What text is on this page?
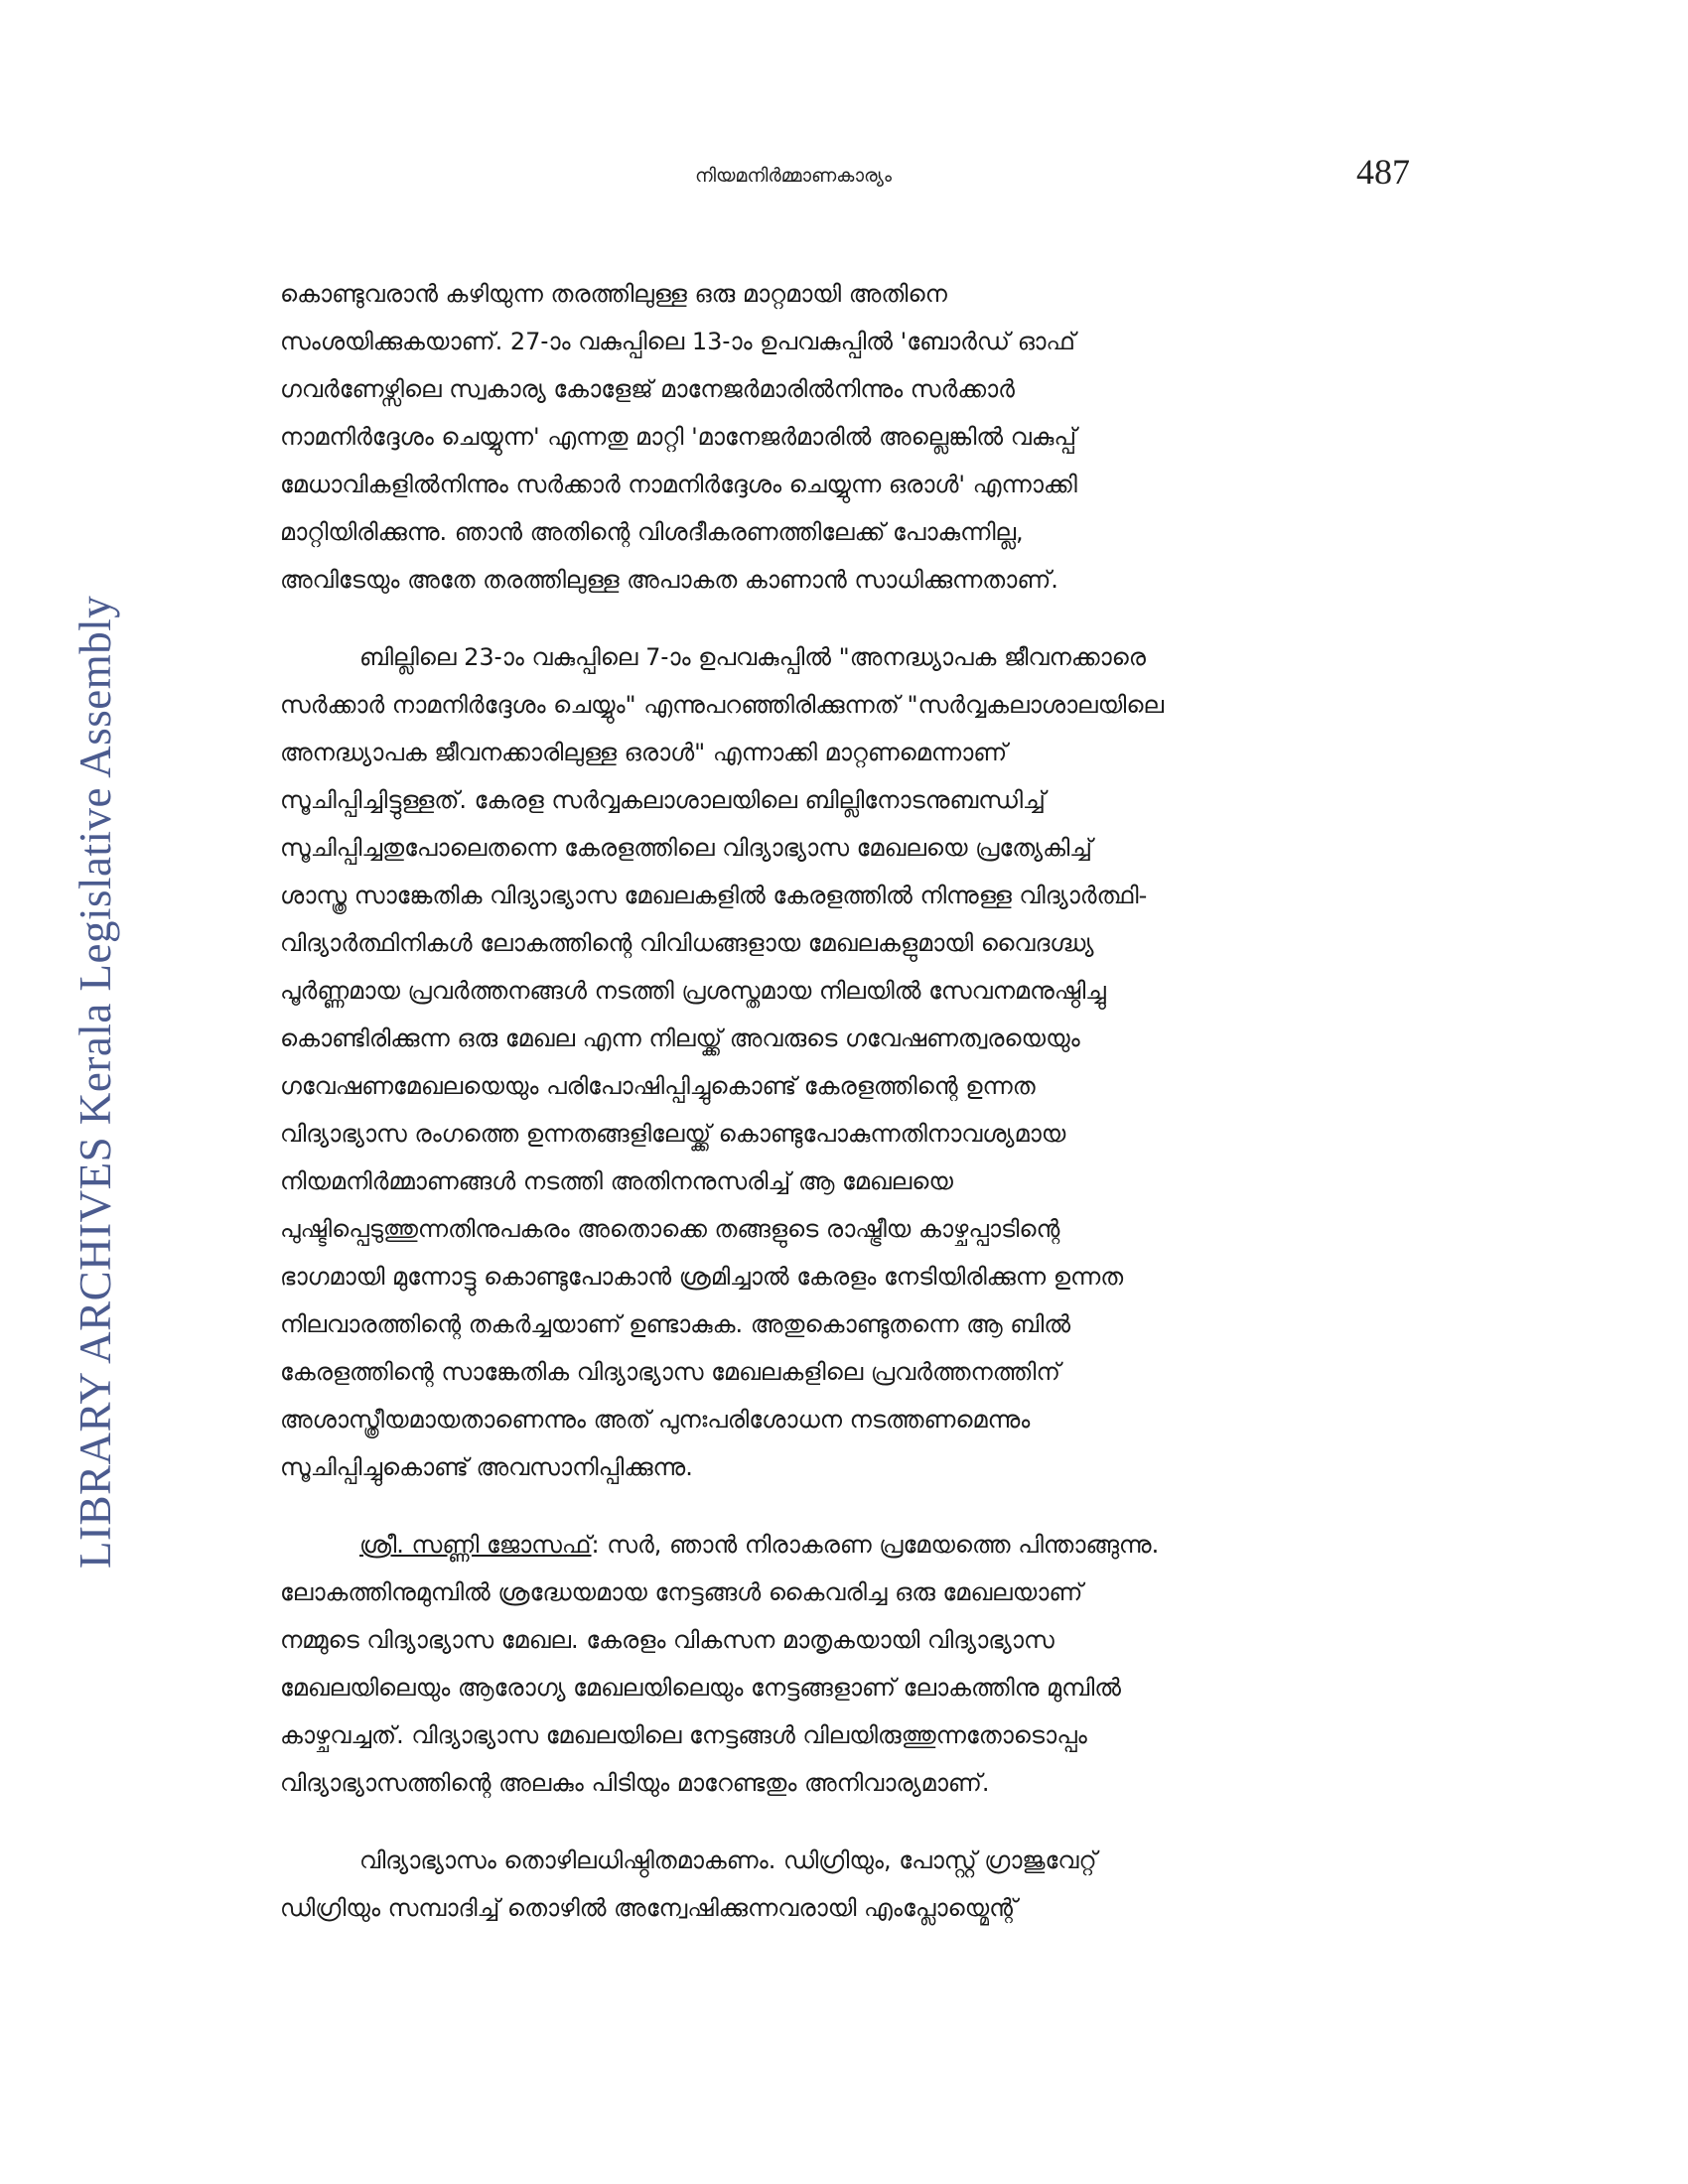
LIBRARY ARCHIVES Kerala Legislative Assembly
നിയമനിർമ്മാണകാര്യം	487
കൊണ്ടുവരാൻ കഴിയുന്ന തരത്തിലുള്ള ഒരു മാറ്റമായി അതിനെ
സംശയിക്കുകയാണ്. 27-ാം വകുപ്പിലെ 13-ാം ഉപവകുപ്പിൽ 'ബോർഡ് ഓഫ്
ഗവർണേഴ്സിലെ സ്വകാര്യ കോളേജ് മാനേജർമാരിൽനിന്നും സർക്കാർ
നാമനിർദ്ദേശം ചെയ്യുന്ന' എന്നതു മാറ്റി 'മാനേജർമാരിൽ അല്ലെങ്കിൽ വകുപ്പ്
മേധാവികളിൽനിന്നും സർക്കാർ നാമനിർദ്ദേശം ചെയ്യുന്ന ഒരാൾ' എന്നാക്കി
മാറ്റിയിരിക്കുന്നു. ഞാൻ അതിന്റെ വിശദീകരണത്തിലേക്ക് പോകുന്നില്ല,
അവിടേയും അതേ തരത്തിലുള്ള അപാകത കാണാൻ സാധിക്കുന്നതാണ്.
ബില്ലിലെ 23-ാം വകുപ്പിലെ 7-ാം ഉപവകുപ്പിൽ "അനദ്ധ്യാപക ജീവനക്കാരെ
സർക്കാർ നാമനിർദ്ദേശം ചെയ്യും" എന്നുപറഞ്ഞിരിക്കുന്നത് "സർവ്വകലാശാലയിലെ
അനദ്ധ്യാപക ജീവനക്കാരിലുള്ള ഒരാൾ" എന്നാക്കി മാറ്റണമെന്നാണ്
സൂചിപ്പിച്ചിട്ടുള്ളത്. കേരള സർവ്വകലാശാലയിലെ ബില്ലിനോടനുബന്ധിച്ച്
സൂചിപ്പിച്ചതുപോലെതന്നെ കേരളത്തിലെ വിദ്യാഭ്യാസ മേഖലയെ പ്രത്യേകിച്ച്
ശാസ്ത്ര സാങ്കേതിക വിദ്യാഭ്യാസ മേഖലകളിൽ കേരളത്തിൽ നിന്നുള്ള വിദ്യാർത്ഥി-
വിദ്യാർത്ഥിനികൾ ലോകത്തിന്റെ വിവിധങ്ങളായ മേഖലകളുമായി വൈദഗ്ദ്ധ്യ
പൂർണ്ണമായ പ്രവർത്തനങ്ങൾ നടത്തി പ്രശസ്തമായ നിലയിൽ സേവനമനുഷ്ഠിച്ചു
കൊണ്ടിരിക്കുന്ന ഒരു മേഖല എന്ന നിലയ്ക്ക് അവരുടെ ഗവേഷണത്വരയെയും
ഗവേഷണമേഖലയെയും പരിപോഷിപ്പിച്ചുകൊണ്ട് കേരളത്തിന്റെ ഉന്നത
വിദ്യാഭ്യാസ രംഗത്തെ ഉന്നതങ്ങളിലേയ്ക്ക് കൊണ്ടുപോകുന്നതിനാവശ്യമായ
നിയമനിർമ്മാണങ്ങൾ നടത്തി അതിനനുസരിച്ച് ആ മേഖലയെ
പുഷ്ടിപ്പെടുത്തുന്നതിനുപകരം അതൊക്കെ തങ്ങളുടെ രാഷ്ട്രീയ കാഴ്ചപ്പാടിന്റെ
ഭാഗമായി മുന്നോട്ടു കൊണ്ടുപോകാൻ ശ്രമിച്ചാൽ കേരളം നേടിയിരിക്കുന്ന ഉന്നത
നിലവാരത്തിന്റെ തകർച്ചയാണ് ഉണ്ടാകുക. അതുകൊണ്ടുതന്നെ ആ ബിൽ
കേരളത്തിന്റെ സാങ്കേതിക വിദ്യാഭ്യാസ മേഖലകളിലെ പ്രവർത്തനത്തിന്
അശാസ്ത്രീയമായതാണെന്നും അത് പുനഃപരിശോധന നടത്തണമെന്നും
സൂചിപ്പിച്ചുകൊണ്ട് അവസാനിപ്പിക്കുന്നു.
ശ്രീ. സണ്ണി ജോസഫ്: സർ, ഞാൻ നിരാകരണ പ്രമേയത്തെ പിന്താങ്ങുന്നു.
ലോകത്തിനുമുമ്പിൽ ശ്രദ്ധേയമായ നേട്ടങ്ങൾ കൈവരിച്ച ഒരു മേഖലയാണ്
നമ്മുടെ വിദ്യാഭ്യാസ മേഖല. കേരളം വികസന മാതൃകയായി വിദ്യാഭ്യാസ
മേഖലയിലെയും ആരോഗ്യ മേഖലയിലെയും നേട്ടങ്ങളാണ് ലോകത്തിനു മുമ്പിൽ
കാഴ്ചവച്ചത്. വിദ്യാഭ്യാസ മേഖലയിലെ നേട്ടങ്ങൾ വിലയിരുത്തുന്നതോടൊപ്പം
വിദ്യാഭ്യാസത്തിന്റെ അലകും പിടിയും മാറേണ്ടതും അനിവാര്യമാണ്.
വിദ്യാഭ്യാസം തൊഴിലധിഷ്ഠിതമാകണം. ഡിഗ്രിയും, പോസ്റ്റ് ഗ്രാജുവേറ്റ്
ഡിഗ്രിയും സമ്പാദിച്ച് തൊഴിൽ അന്വേഷിക്കുന്നവരായി എംപ്ലോയ്മെന്റ്
